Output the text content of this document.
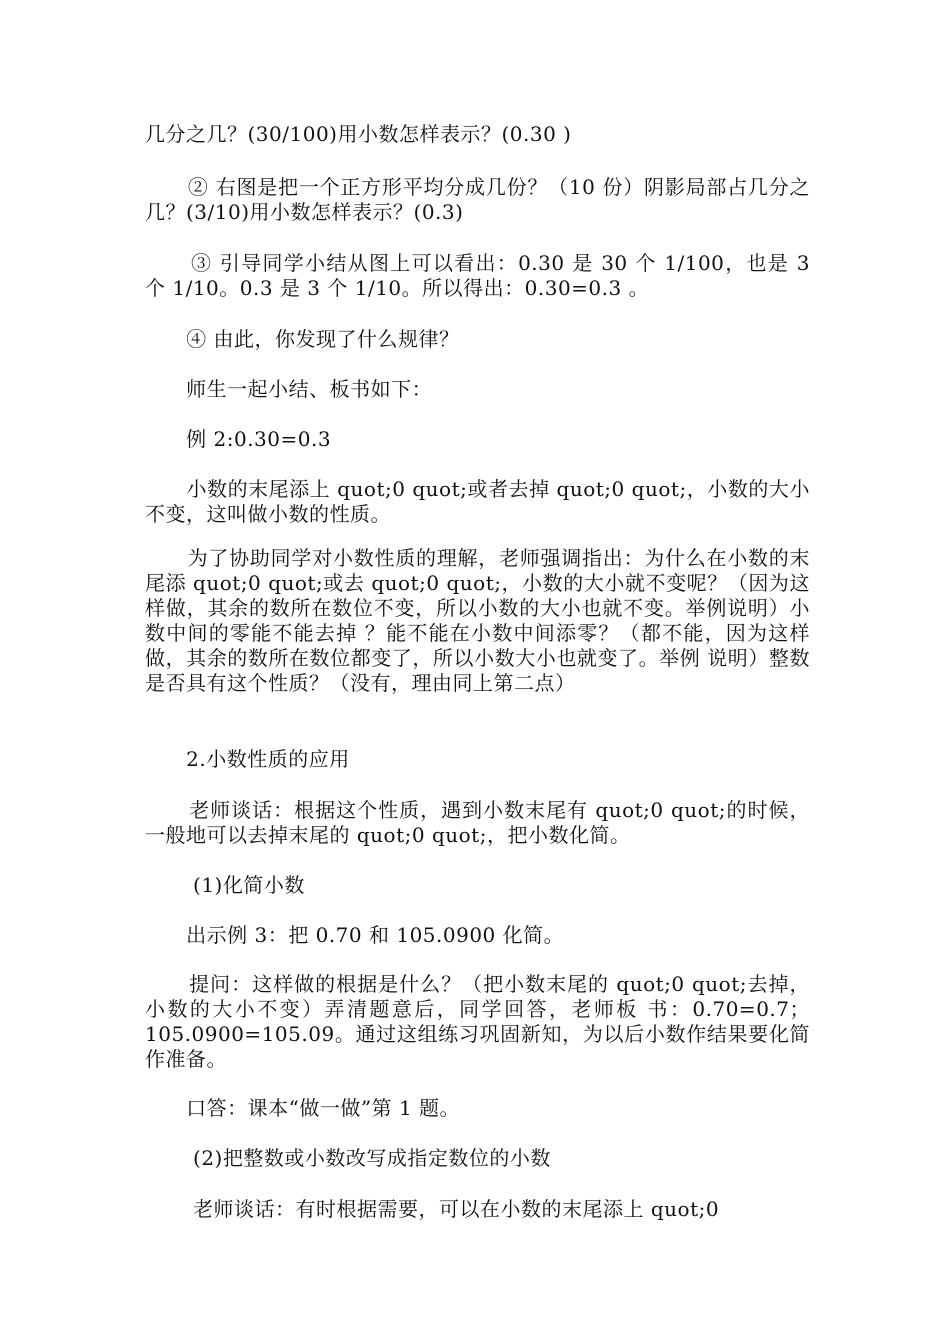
几分之几？(30/100)用小数怎样表示？(0.30 )

② 右图是把一个正方形平均分成几份？（10 份）阴影局部占几分之几？(3/10)用小数怎样表示？(0.3)

③ 引导同学小结从图上可以看出：0.30 是 30 个 1/100，也是 3 个 1/10。0.3 是 3 个 1/10。所以得出：0.30=0.3 。

④ 由此，你发现了什么规律？

师生一起小结、板书如下：

例 2:0.30=0.3

小数的末尾添上 quot;0 quot;或者去掉 quot;0 quot;，小数的大小不变，这叫做小数的性质。

为了协助同学对小数性质的理解，老师强调指出：为什么在小数的末尾添 quot;0 quot;或去 quot;0 quot;，小数的大小就不变呢？（因为这样做，其余的数所在数位不变，所以小数的大小也就不变。举例说明）小数中间的零能不能去掉 ？能不能在小数中间添零？（都不能，因为这样做，其余的数所在数位都变了，所以小数大小也就变了。举例 说明）整数是否具有这个性质？（没有，理由同上第二点）

2.小数性质的应用

老师谈话：根据这个性质，遇到小数末尾有 quot;0 quot;的时候，一般地可以去掉末尾的 quot;0 quot;，把小数化简。

(1)化简小数

出示例 3：把 0.70 和 105.0900 化简。

提问：这样做的根据是什么？（把小数末尾的 quot;0 quot;去掉，小数的大小不变）弄清题意后，同学回答，老师板 书：0.70=0.7；105.0900=105.09。通过这组练习巩固新知，为以后小数作结果要化简作准备。

口答：课本“做一做”第 1 题。

(2)把整数或小数改写成指定数位的小数

老师谈话：有时根据需要，可以在小数的末尾添上 quot;0
